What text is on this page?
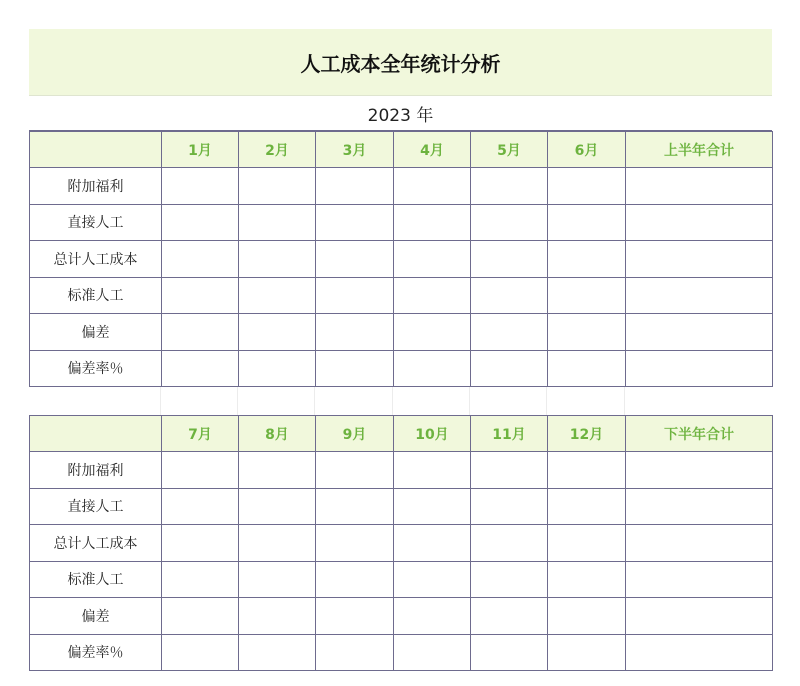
人工成本全年统计分析
2023 年
	1月	2月	3月	4月	5月	6月	上半年合计
附加福利							
直接人工							
总计人工成本							
标准人工							
偏差							
偏差率％							
	7月	8月	9月	10月	11月	12月	下半年合计
附加福利							
直接人工							
总计人工成本							
标准人工							
偏差							
偏差率％							
